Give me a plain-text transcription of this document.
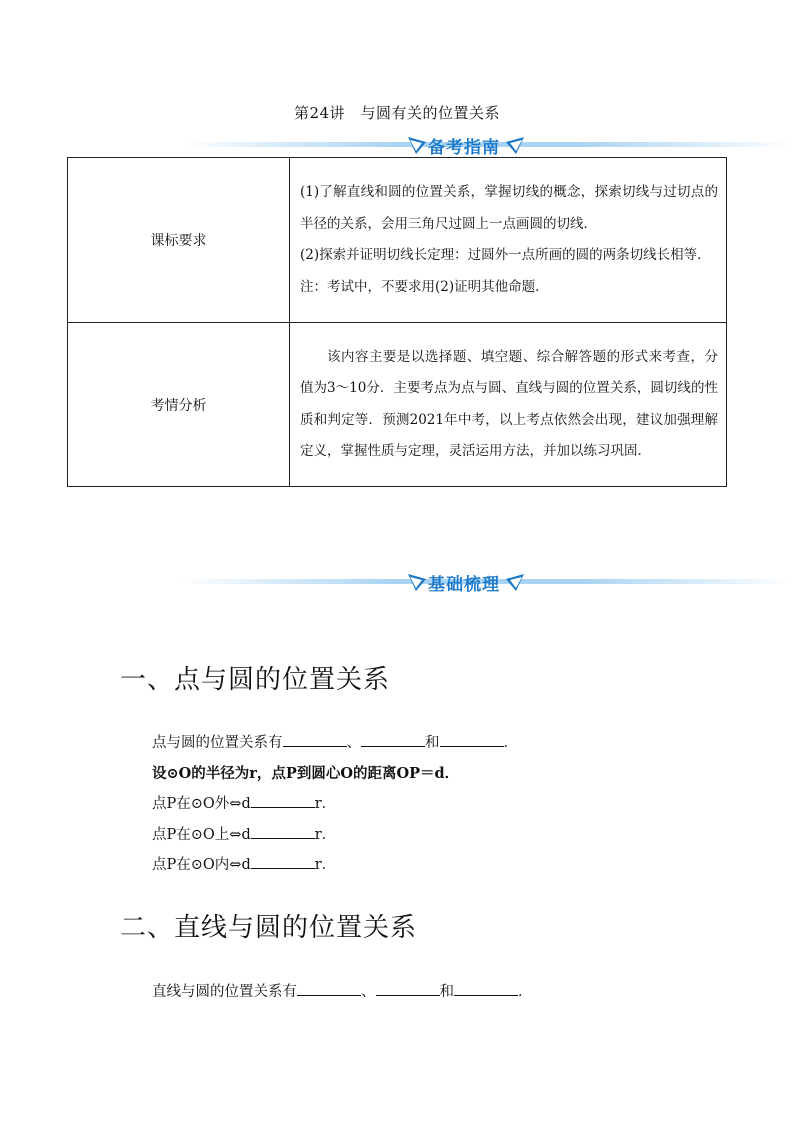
第24讲　与圆有关的位置关系
备考指南
课标要求	(1)了解直线和圆的位置关系，掌握切线的概念，探索切线与过切点的半径的关系，会用三角尺过圆上一点画圆的切线．

(2)探索并证明切线长定理：过圆外一点所画的圆的两条切线长相等．

注：考试中，不要求用(2)证明其他命题．

考情分析	该内容主要是以选择题、填空题、综合解答题的形式来考查，分值为3～10分．主要考点为点与圆、直线与圆的位置关系，圆切线的性质和判定等．预测2021年中考，以上考点依然会出现，建议加强理解定义，掌握性质与定理，灵活运用方法，并加以练习巩固．

基础梳理
一、点与圆的位置关系
点与圆的位置关系有	、	和	．
设⊙O的半径为r，点P到圆心O的距离OP＝d．
点P在⊙O外⇔d	r．
点P在⊙O上⇔d	r．
点P在⊙O内⇔d	r．
二、直线与圆的位置关系
直线与圆的位置关系有	、	和	．
